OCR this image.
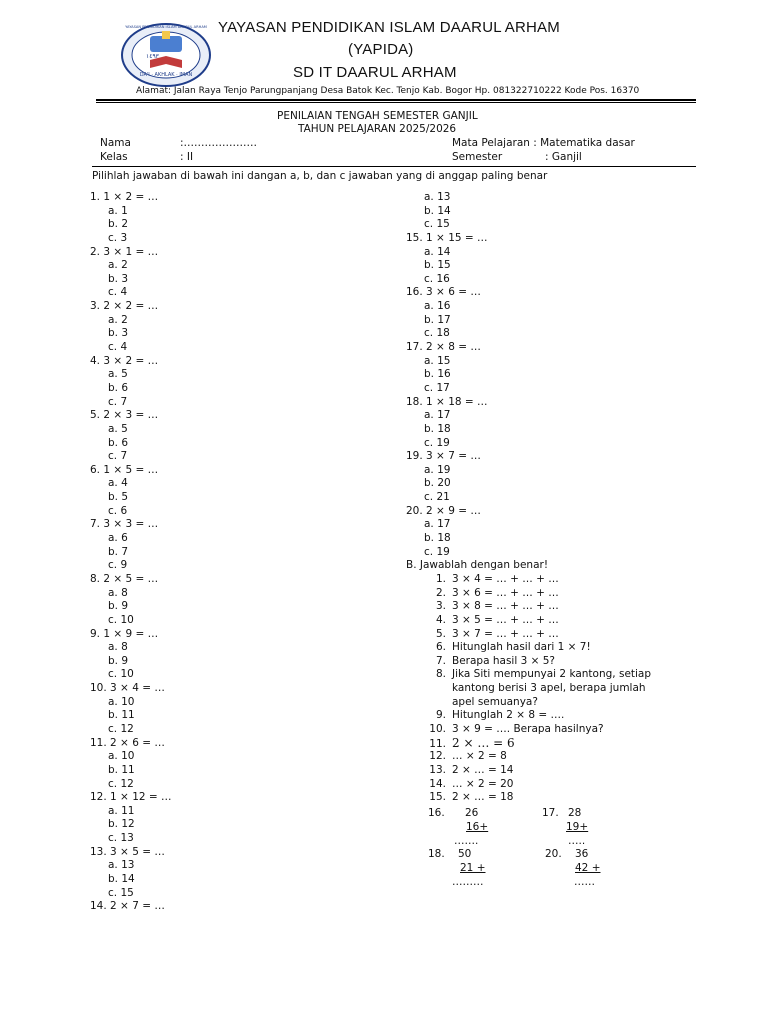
DA'I · AKHLAK · IMAN
١٤٩٣
YAYASAN PENDIDIKAN ISLAM DAARUL ARHAM YAYASAN PENDIDIKAN ISLAM DAARUL ARHAM
(YAPIDA)
SD IT DAARUL ARHAM
Alamat: Jalan Raya Tenjo Parungpanjang Desa Batok Kec. Tenjo Kab. Bogor Hp. 081322710222 Kode Pos. 16370
PENILAIAN TENGAH SEMESTER GANJIL
TAHUN PELAJARAN 2025/2026
Nama	:…………………
Kelas	: II
Mata Pelajaran : Matematika dasar
Semester	: Ganjil
Pilihlah jawaban di bawah ini dangan a, b, dan c jawaban yang di anggap paling benar
1. 1 × 2 = …
a. 1
b. 2
c. 3
2. 3 × 1 = …
a. 2
b. 3
c. 4
3. 2 × 2 = …
a. 2
b. 3
c. 4
4. 3 × 2 = …
a. 5
b. 6
c. 7
5. 2 × 3 = …
a. 5
b. 6
c. 7
6. 1 × 5 = …
a. 4
b. 5
c. 6
7. 3 × 3 = …
a. 6
b. 7
c. 9
8. 2 × 5 = …
a. 8
b. 9
c. 10
9. 1 × 9 = …
a. 8
b. 9
c. 10
10. 3 × 4 = …
a. 10
b. 11
c. 12
11. 2 × 6 = …
a. 10
b. 11
c. 12
12. 1 × 12 = …
a. 11
b. 12
c. 13
13. 3 × 5 = …
a. 13
b. 14
c. 15
14. 2 × 7 = …
a. 13
b. 14
c. 15
15. 1 × 15 = …
a. 14
b. 15
c. 16
16. 3 × 6 = …
a. 16
b. 17
c. 18
17. 2 × 8 = …
a. 15
b. 16
c. 17
18. 1 × 18 = …
a. 17
b. 18
c. 19
19. 3 × 7 = …
a. 19
b. 20
c. 21
20. 2 × 9 = …
a. 17
b. 18
c. 19
B. Jawablah dengan benar!
1. 3 × 4 = … + … + …
2. 3 × 6 = … + … + …
3. 3 × 8 = … + … + …
4. 3 × 5 = … + … + …
5. 3 × 7 = … + … + …
6. Hitunglah hasil dari 1 × 7!
7. Berapa hasil 3 × 5?
8. Jika Siti mempunyai 2 kantong, setiap
kantong berisi 3 apel, berapa jumlah
apel semuanya?
9. Hitunglah 2 × 8 = ….
10. 3 × 9 = …. Berapa hasilnya?
11. 2 × … = 6
12. … × 2 = 8
13. 2 × … = 14
14. … × 2 = 20
15. 2 × … = 18
16. 26
16+
…….
17. 28
19+
…..
18. 50
21 +
………
20. 36
42 +
……
